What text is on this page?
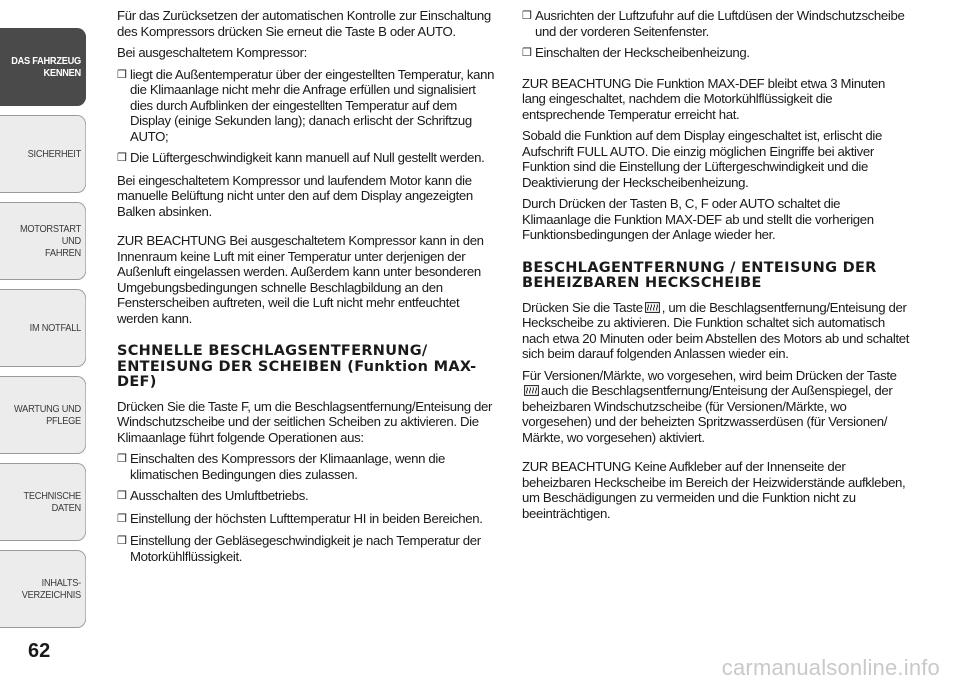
DAS FAHRZEUG
KENNEN
SICHERHEIT
MOTORSTART UND
FAHREN
IM NOTFALL
WARTUNG UND
PFLEGE
TECHNISCHE DATEN
INHALTS-
VERZEICHNIS
62

Für das Zurücksetzen der automatischen Kontrolle zur Einschaltung des Kompressors drücken Sie erneut die Taste B oder AUTO.

Bei ausgeschaltetem Kompressor:

❒ liegt die Außentemperatur über der eingestellten Temperatur, kann die Klimaanlage nicht mehr die Anfrage erfüllen und signalisiert dies durch Aufblinken der eingestellten Temperatur auf dem Display (einige Sekunden lang); danach erlischt der Schriftzug AUTO;
❒ Die Lüftergeschwindigkeit kann manuell auf Null gestellt werden.

Bei eingeschaltetem Kompressor und laufendem Motor kann die manuelle Belüftung nicht unter den auf dem Display angezeigten Balken absinken.

ZUR BEACHTUNG Bei ausgeschaltetem Kompressor kann in den Innenraum keine Luft mit einer Temperatur unter derjenigen der Außenluft eingelassen werden. Außerdem kann unter besonderen Umgebungsbedingungen schnelle Beschlagbildung an den Fensterscheiben auftreten, weil die Luft nicht mehr entfeuchtet werden kann.

SCHNELLE BESCHLAGSENTFERNUNG/ ENTEISUNG DER SCHEIBEN (Funktion MAX-DEF)

Drücken Sie die Taste F, um die Beschlagsentfernung/Enteisung der Windschutzscheibe und der seitlichen Scheiben zu aktivieren. Die Klimaanlage führt folgende Operationen aus:

❒ Einschalten des Kompressors der Klimaanlage, wenn die klimatischen Bedingungen dies zulassen.
❒ Ausschalten des Umluftbetriebs.
❒ Einstellung der höchsten Lufttemperatur HI in beiden Bereichen.
❒ Einstellung der Gebläsegeschwindigkeit je nach Temperatur der Motorkühlflüssigkeit.
❒ Ausrichten der Luftzufuhr auf die Luftdüsen der Windschutzscheibe und der vorderen Seitenfenster.
❒ Einschalten der Heckscheibenheizung.

ZUR BEACHTUNG Die Funktion MAX-DEF bleibt etwa 3 Minuten lang eingeschaltet, nachdem die Motorkühlflüssigkeit die entsprechende Temperatur erreicht hat.

Sobald die Funktion auf dem Display eingeschaltet ist, erlischt die Aufschrift FULL AUTO. Die einzig möglichen Eingriffe bei aktiver Funktion sind die Einstellung der Lüftergeschwindigkeit und die Deaktivierung der Heckscheibenheizung.

Durch Drücken der Tasten B, C, F oder AUTO schaltet die Klimaanlage die Funktion MAX-DEF ab und stellt die vorherigen Funktionsbedingungen der Anlage wieder her.

BESCHLAGENTFERNUNG / ENTEISUNG DER BEHEIZBAREN HECKSCHEIBE

Drücken Sie die Taste , um die Beschlagsentfernung/Enteisung der Heckscheibe zu aktivieren. Die Funktion schaltet sich automatisch nach etwa 20 Minuten oder beim Abstellen des Motors ab und schaltet sich beim darauf folgenden Anlassen wieder ein.

Für Versionen/Märkte, wo vorgesehen, wird beim Drücken der Taste auch die Beschlagsentfernung/Enteisung der Außenspiegel, der beheizbaren Windschutzscheibe (für Versionen/Märkte, wo vorgesehen) und der beheizten Spritzwasserdüsen (für Versionen/ Märkte, wo vorgesehen) aktiviert.

ZUR BEACHTUNG Keine Aufkleber auf der Innenseite der beheizbaren Heckscheibe im Bereich der Heizwiderstände aufkleben, um Beschädigungen zu vermeiden und die Funktion nicht zu beeinträchtigen.

carmanualsonline.info
